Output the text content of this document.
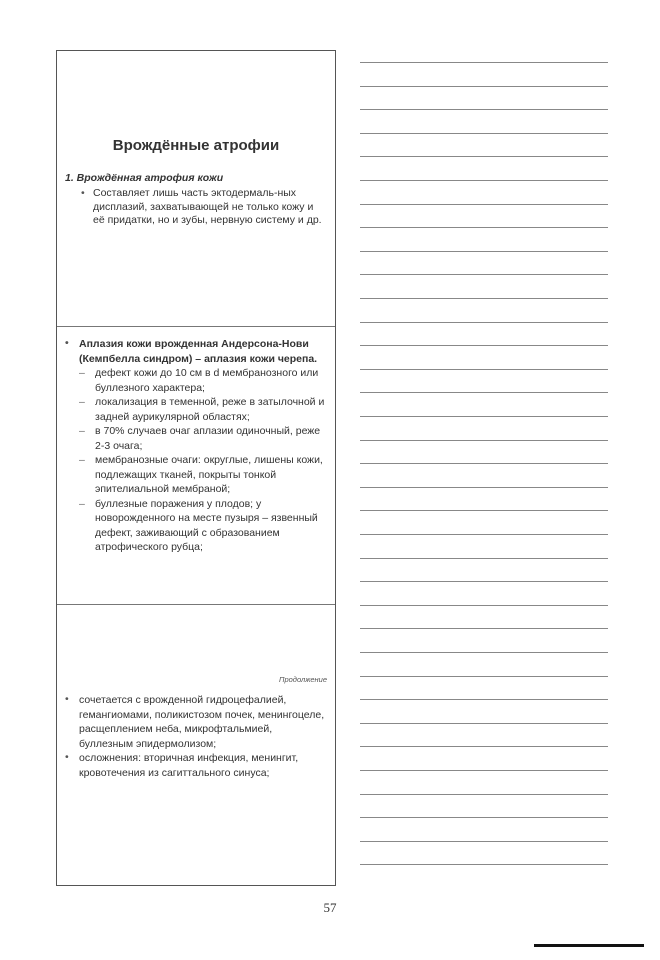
Врождённые атрофии
1. Врождённая атрофия кожи
• Составляет лишь часть эктодермаль-ных дисплазий, захватывающей не только кожу и её придатки, но и зубы, нервную систему и др.
• Аплазия кожи врожденная Андерсона-Нови (Кемпбелла синдром) – аплазия кожи черепа.
– дефект кожи до 10 см в d мембранозного или буллезного характера;
– локализация в теменной, реже в затылочной и задней аурикулярной областях;
– в 70% случаев очаг аплазии одиночный, реже 2-3 очага;
– мембранозные очаги: округлые, лишены кожи, подлежащих тканей, покрыты тонкой эпителиальной мембраной;
– буллезные поражения у плодов; у новорожденного на месте пузыря – язвенный дефект, заживающий с образованием атрофического рубца;
Продолжение
• сочетается с врожденной гидроцефалией, гемангиомами, поликистозом почек, менингоцеле, расщеплением неба, микрофтальмией, буллезным эпидермолизом;
• осложнения: вторичная инфекция, менингит, кровотечения из сагиттального синуса;
57
